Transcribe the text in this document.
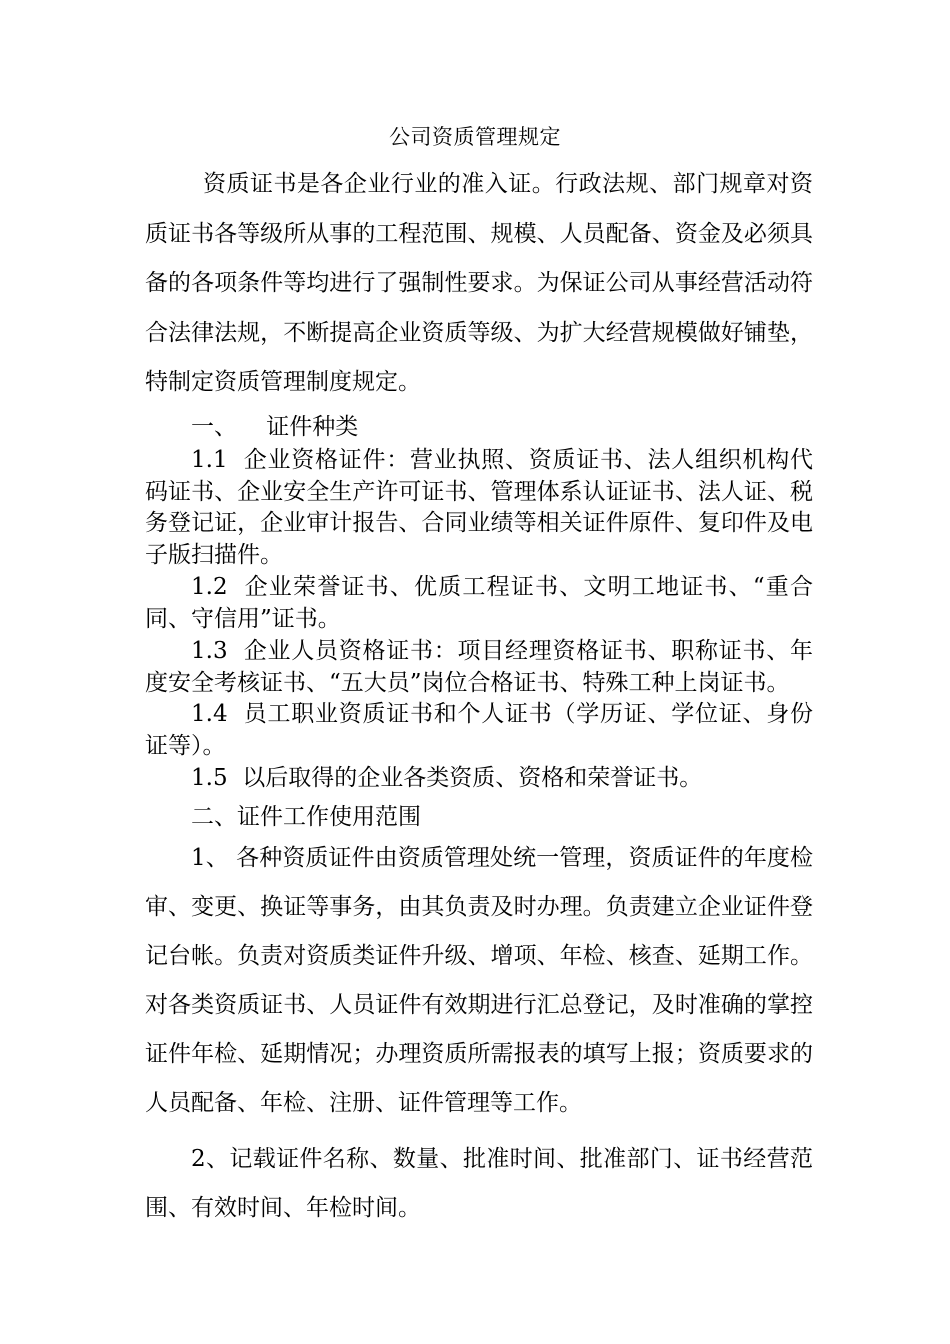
公司资质管理规定

资质证书是各企业行业的准入证。行政法规、部门规章对资质证书各等级所从事的工程范围、规模、人员配备、资金及必须具备的各项条件等均进行了强制性要求。为保证公司从事经营活动符合法律法规，不断提高企业资质等级、为扩大经营规模做好铺垫，特制定资质管理制度规定。

一、    证件种类

1.1  企业资格证件：营业执照、资质证书、法人组织机构代码证书、企业安全生产许可证书、管理体系认证证书、法人证、税务登记证，企业审计报告、合同业绩等相关证件原件、复印件及电子版扫描件。

1.2  企业荣誉证书、优质工程证书、文明工地证书、“重合同、守信用”证书。

1.3  企业人员资格证书：项目经理资格证书、职称证书、年度安全考核证书、“五大员”岗位合格证书、特殊工种上岗证书。

1.4  员工职业资质证书和个人证书（学历证、学位证、身份证等）。

1.5  以后取得的企业各类资质、资格和荣誉证书。

二、证件工作使用范围

1、 各种资质证件由资质管理处统一管理，资质证件的年度检审、变更、换证等事务，由其负责及时办理。负责建立企业证件登记台帐。负责对资质类证件升级、增项、年检、核查、延期工作。对各类资质证书、人员证件有效期进行汇总登记，及时准确的掌控证件年检、延期情况；办理资质所需报表的填写上报；资质要求的人员配备、年检、注册、证件管理等工作。

2、记载证件名称、数量、批准时间、批准部门、证书经营范围、有效时间、年检时间。
